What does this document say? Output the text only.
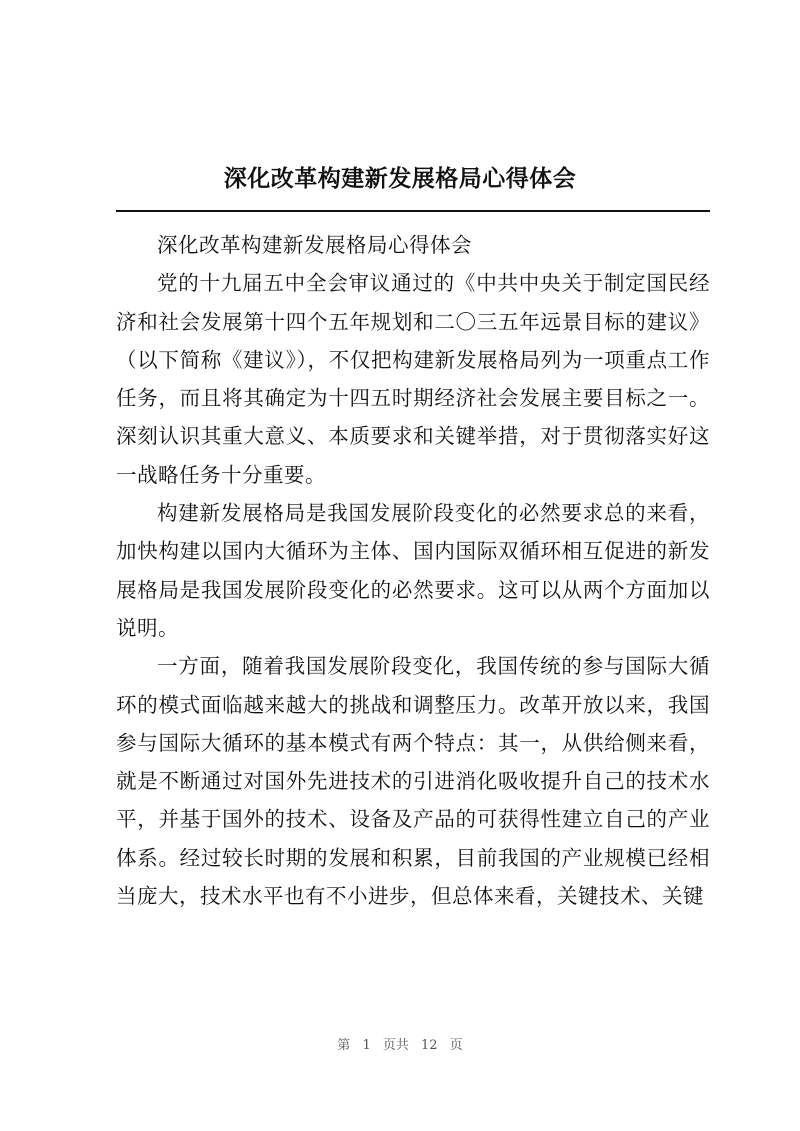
深化改革构建新发展格局心得体会

深化改革构建新发展格局心得体会

党的十九届五中全会审议通过的《中共中央关于制定国民经济和社会发展第十四个五年规划和二〇三五年远景目标的建议》（以下简称《建议》），不仅把构建新发展格局列为一项重点工作任务，而且将其确定为十四五时期经济社会发展主要目标之一。深刻认识其重大意义、本质要求和关键举措，对于贯彻落实好这一战略任务十分重要。

构建新发展格局是我国发展阶段变化的必然要求总的来看，加快构建以国内大循环为主体、国内国际双循环相互促进的新发展格局是我国发展阶段变化的必然要求。这可以从两个方面加以说明。

一方面，随着我国发展阶段变化，我国传统的参与国际大循环的模式面临越来越大的挑战和调整压力。改革开放以来，我国参与国际大循环的基本模式有两个特点：其一，从供给侧来看，就是不断通过对国外先进技术的引进消化吸收提升自己的技术水平，并基于国外的技术、设备及产品的可获得性建立自己的产业体系。经过较长时期的发展和积累，目前我国的产业规模已经相当庞大，技术水平也有不小进步，但总体来看，关键技术、关键

第 1 页共 12 页
